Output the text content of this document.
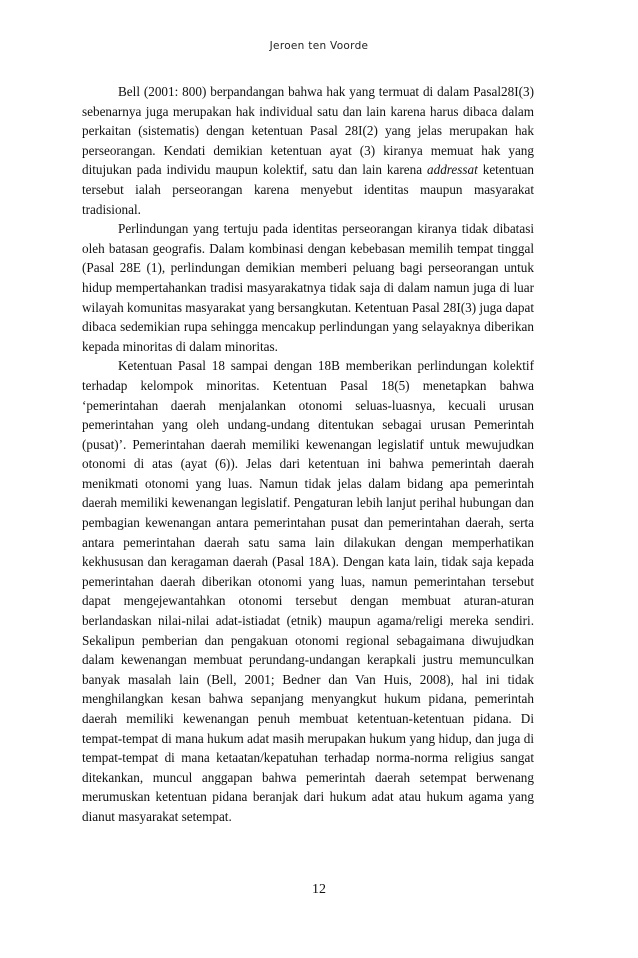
Jeroen ten Voorde

Bell (2001: 800) berpandangan bahwa hak yang termuat di dalam Pasal28I(3) sebenarnya juga merupakan hak individual satu dan lain karena harus dibaca dalam perkaitan (sistematis) dengan ketentuan Pasal 28I(2) yang jelas merupakan hak perseorangan. Kendati demikian ketentuan ayat (3) kiranya memuat hak yang ditujukan pada individu maupun kolektif, satu dan lain karena addressat ketentuan tersebut ialah perseorangan karena menyebut identitas maupun masyarakat tradisional.

Perlindungan yang tertuju pada identitas perseorangan kiranya tidak dibatasi oleh batasan geografis. Dalam kombinasi dengan kebebasan memilih tempat tinggal (Pasal 28E (1), perlindungan demikian memberi peluang bagi perseorangan untuk hidup mempertahankan tradisi masyarakatnya tidak saja di dalam namun juga di luar wilayah komunitas masyarakat yang bersangkutan. Ketentuan Pasal 28I(3) juga dapat dibaca sedemikian rupa sehingga mencakup perlindungan yang selayaknya diberikan kepada minoritas di dalam minoritas.

Ketentuan Pasal 18 sampai dengan 18B memberikan perlindungan kolektif terhadap kelompok minoritas. Ketentuan Pasal 18(5) menetapkan bahwa ‘pemerintahan daerah menjalankan otonomi seluas-luasnya, kecuali urusan pemerintahan yang oleh undang-undang ditentukan sebagai urusan Pemerintah (pusat)’. Pemerintahan daerah memiliki kewenangan legislatif untuk mewujudkan otonomi di atas (ayat (6)). Jelas dari ketentuan ini bahwa pemerintah daerah menikmati otonomi yang luas. Namun tidak jelas dalam bidang apa pemerintah daerah memiliki kewenangan legislatif. Pengaturan lebih lanjut perihal hubungan dan pembagian kewenangan antara pemerintahan pusat dan pemerintahan daerah, serta antara pemerintahan daerah satu sama lain dilakukan dengan memperhatikan kekhususan dan keragaman daerah (Pasal 18A). Dengan kata lain, tidak saja kepada pemerintahan daerah diberikan otonomi yang luas, namun pemerintahan tersebut dapat mengejewantahkan otonomi tersebut dengan membuat aturan-aturan berlandaskan nilai-nilai adat-istiadat (etnik) maupun agama/religi mereka sendiri. Sekalipun pemberian dan pengakuan otonomi regional sebagaimana diwujudkan dalam kewenangan membuat perundang-undangan kerapkali justru memunculkan banyak masalah lain (Bell, 2001; Bedner dan Van Huis, 2008), hal ini tidak menghilangkan kesan bahwa sepanjang menyangkut hukum pidana, pemerintah daerah memiliki kewenangan penuh membuat ketentuan-ketentuan pidana. Di tempat-tempat di mana hukum adat masih merupakan hukum yang hidup, dan juga di tempat-tempat di mana ketaatan/kepatuhan terhadap norma-norma religius sangat ditekankan, muncul anggapan bahwa pemerintah daerah setempat berwenang merumuskan ketentuan pidana beranjak dari hukum adat atau hukum agama yang dianut masyarakat setempat.

12
